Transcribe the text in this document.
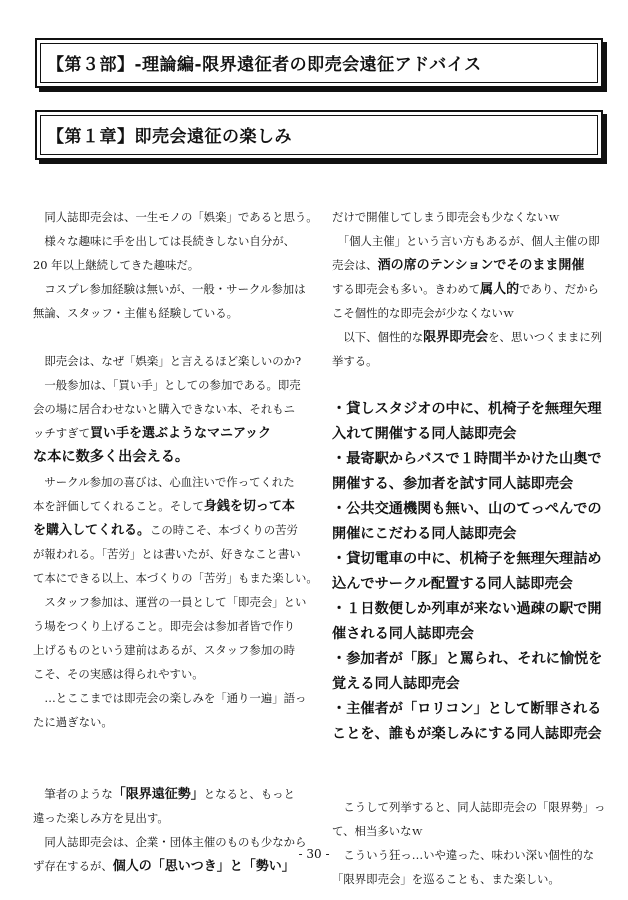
【第３部】-理論編-限界遠征者の即売会遠征アドバイス
【第１章】即売会遠征の楽しみ
　同人誌即売会は、一生モノの「娯楽」であると思う。
　様々な趣味に手を出しては長続きしない自分が、
20 年以上継続してきた趣味だ。
　コスプレ参加経験は無いが、一般・サークル参加は
無論、スタッフ・主催も経験している。
　即売会は、なぜ「娯楽」と言えるほど楽しいのか?
　一般参加は、「買い手」としての参加である。即売
会の場に居合わせないと購入できない本、それもニ
ッチすぎて買い手を選ぶようなマニアック
な本に数多く出会える。
　サークル参加の喜びは、心血注いで作ってくれた
本を評価してくれること。そして身銭を切って本
を購入してくれる。この時こそ、本づくりの苦労
が報われる。「苦労」とは書いたが、好きなこと書い
て本にできる以上、本づくりの「苦労」もまた楽しい。
　スタッフ参加は、運営の一員として「即売会」とい
う場をつくり上げること。即売会は参加者皆で作り
上げるものという建前はあるが、スタッフ参加の時
こそ、その実感は得られやすい。
　…とここまでは即売会の楽しみを「通り一遍」語っ
たに過ぎない。
　筆者のような「限界遠征勢」となると、もっと
違った楽しみ方を見出す。
　同人誌即売会は、企業・団体主催のものも少なから
ず存在するが、個人の「思いつき」と「勢い」
だけで開催してしまう即売会も少なくないｗ
　「個人主催」という言い方もあるが、個人主催の即
売会は、酒の席のテンションでそのまま開催
する即売会も多い。きわめて属人的であり、だから
こそ個性的な即売会が少なくないｗ
　以下、個性的な限界即売会を、思いつくままに列
挙する。
・貸しスタジオの中に、机椅子を無理矢理
入れて開催する同人誌即売会
・最寄駅からバスで１時間半かけた山奥で
開催する、参加者を試す同人誌即売会
・公共交通機関も無い、山のてっぺんでの
開催にこだわる同人誌即売会
・貸切電車の中に、机椅子を無理矢理詰め
込んでサークル配置する同人誌即売会
・１日数便しか列車が来ない過疎の駅で開
催される同人誌即売会
・参加者が「豚」と罵られ、それに愉悦を
覚える同人誌即売会
・主催者が「ロリコン」として断罪される
ことを、誰もが楽しみにする同人誌即売会
　こうして列挙すると、同人誌即売会の「限界勢」っ
て、相当多いなｗ
　こういう狂っ…いや違った、味わい深い個性的な
「限界即売会」を巡ることも、また楽しい。
- 30 -
